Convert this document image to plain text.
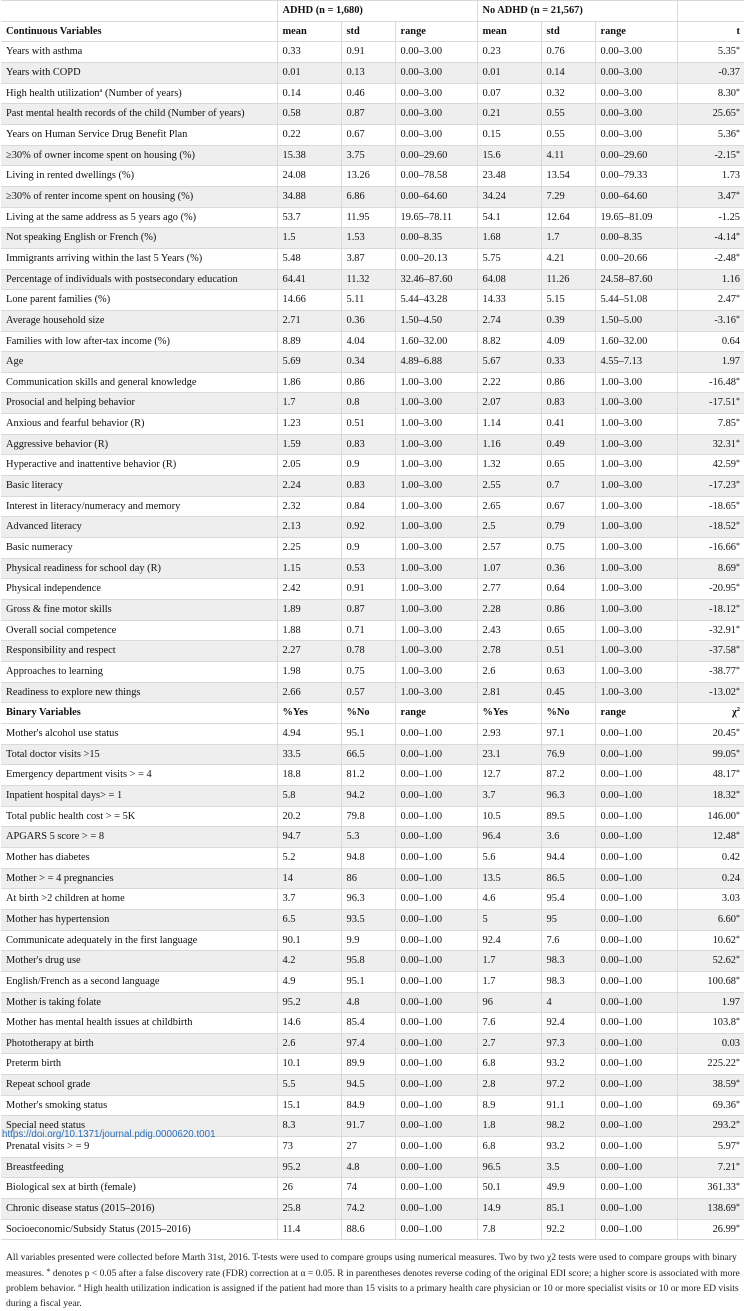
	ADHD (n = 1,680)			No ADHD (n = 21,567)			
Continuous Variables	mean	std	range	mean	std	range	t
Years with asthma	0.33	0.91	0.00–3.00	0.23	0.76	0.00–3.00	5.35*
Years with COPD	0.01	0.13	0.00–3.00	0.01	0.14	0.00–3.00	-0.37
High health utilization$^a$ (Number of years)	0.14	0.46	0.00–3.00	0.07	0.32	0.00–3.00	8.30*
Past mental health records of the child (Number of years)	0.58	0.87	0.00–3.00	0.21	0.55	0.00–3.00	25.65*
Years on Human Service Drug Benefit Plan	0.22	0.67	0.00–3.00	0.15	0.55	0.00–3.00	5.36*
≥30% of owner income spent on housing (%)	15.38	3.75	0.00–29.60	15.6	4.11	0.00–29.60	-2.15*
Living in rented dwellings (%)	24.08	13.26	0.00–78.58	23.48	13.54	0.00–79.33	1.73
≥30% of renter income spent on housing (%)	34.88	6.86	0.00–64.60	34.24	7.29	0.00–64.60	3.47*
Living at the same address as 5 years ago (%)	53.7	11.95	19.65–78.11	54.1	12.64	19.65–81.09	-1.25
Not speaking English or French (%)	1.5	1.53	0.00–8.35	1.68	1.7	0.00–8.35	-4.14*
Immigrants arriving within the last 5 Years (%)	5.48	3.87	0.00–20.13	5.75	4.21	0.00–20.66	-2.48*
Percentage of individuals with postsecondary education	64.41	11.32	32.46–87.60	64.08	11.26	24.58–87.60	1.16
Lone parent families (%)	14.66	5.11	5.44–43.28	14.33	5.15	5.44–51.08	2.47*
Average household size	2.71	0.36	1.50–4.50	2.74	0.39	1.50–5.00	-3.16*
Families with low after-tax income (%)	8.89	4.04	1.60–32.00	8.82	4.09	1.60–32.00	0.64
Age	5.69	0.34	4.89–6.88	5.67	0.33	4.55–7.13	1.97
Communication skills and general knowledge	1.86	0.86	1.00–3.00	2.22	0.86	1.00–3.00	-16.48*
Prosocial and helping behavior	1.7	0.8	1.00–3.00	2.07	0.83	1.00–3.00	-17.51*
Anxious and fearful behavior (R)	1.23	0.51	1.00–3.00	1.14	0.41	1.00–3.00	7.85*
Aggressive behavior (R)	1.59	0.83	1.00–3.00	1.16	0.49	1.00–3.00	32.31*
Hyperactive and inattentive behavior (R)	2.05	0.9	1.00–3.00	1.32	0.65	1.00–3.00	42.59*
Basic literacy	2.24	0.83	1.00–3.00	2.55	0.7	1.00–3.00	-17.23*
Interest in literacy/numeracy and memory	2.32	0.84	1.00–3.00	2.65	0.67	1.00–3.00	-18.65*
Advanced literacy	2.13	0.92	1.00–3.00	2.5	0.79	1.00–3.00	-18.52*
Basic numeracy	2.25	0.9	1.00–3.00	2.57	0.75	1.00–3.00	-16.66*
Physical readiness for school day (R)	1.15	0.53	1.00–3.00	1.07	0.36	1.00–3.00	8.69*
Physical independence	2.42	0.91	1.00–3.00	2.77	0.64	1.00–3.00	-20.95*
Gross & fine motor skills	1.89	0.87	1.00–3.00	2.28	0.86	1.00–3.00	-18.12*
Overall social competence	1.88	0.71	1.00–3.00	2.43	0.65	1.00–3.00	-32.91*
Responsibility and respect	2.27	0.78	1.00–3.00	2.78	0.51	1.00–3.00	-37.58*
Approaches to learning	1.98	0.75	1.00–3.00	2.6	0.63	1.00–3.00	-38.77*
Readiness to explore new things	2.66	0.57	1.00–3.00	2.81	0.45	1.00–3.00	-13.02*
Binary Variables	%Yes	%No	range	%Yes	%No	range	$\chi^2$
Mother's alcohol use status	4.94	95.1	0.00–1.00	2.93	97.1	0.00–1.00	20.45*
Total doctor visits >15	33.5	66.5	0.00–1.00	23.1	76.9	0.00–1.00	99.05*
Emergency department visits > = 4	18.8	81.2	0.00–1.00	12.7	87.2	0.00–1.00	48.17*
Inpatient hospital days> = 1	5.8	94.2	0.00–1.00	3.7	96.3	0.00–1.00	18.32*
Total public health cost > = 5K	20.2	79.8	0.00–1.00	10.5	89.5	0.00–1.00	146.00*
APGARS 5 score > = 8	94.7	5.3	0.00–1.00	96.4	3.6	0.00–1.00	12.48*
Mother has diabetes	5.2	94.8	0.00–1.00	5.6	94.4	0.00–1.00	0.42
Mother > = 4 pregnancies	14	86	0.00–1.00	13.5	86.5	0.00–1.00	0.24
At birth >2 children at home	3.7	96.3	0.00–1.00	4.6	95.4	0.00–1.00	3.03
Mother has hypertension	6.5	93.5	0.00–1.00	5	95	0.00–1.00	6.60*
Communicate adequately in the first language	90.1	9.9	0.00–1.00	92.4	7.6	0.00–1.00	10.62*
Mother's drug use	4.2	95.8	0.00–1.00	1.7	98.3	0.00–1.00	52.62*
English/French as a second language	4.9	95.1	0.00–1.00	1.7	98.3	0.00–1.00	100.68*
Mother is taking folate	95.2	4.8	0.00–1.00	96	4	0.00–1.00	1.97
Mother has mental health issues at childbirth	14.6	85.4	0.00–1.00	7.6	92.4	0.00–1.00	103.8*
Phototherapy at birth	2.6	97.4	0.00–1.00	2.7	97.3	0.00–1.00	0.03
Preterm birth	10.1	89.9	0.00–1.00	6.8	93.2	0.00–1.00	225.22*
Repeat school grade	5.5	94.5	0.00–1.00	2.8	97.2	0.00–1.00	38.59*
Mother's smoking status	15.1	84.9	0.00–1.00	8.9	91.1	0.00–1.00	69.36*
Special need status	8.3	91.7	0.00–1.00	1.8	98.2	0.00–1.00	293.2*
Prenatal visits > = 9	73	27	0.00–1.00	6.8	93.2	0.00–1.00	5.97*
Breastfeeding	95.2	4.8	0.00–1.00	96.5	3.5	0.00–1.00	7.21*
Biological sex at birth (female)	26	74	0.00–1.00	50.1	49.9	0.00–1.00	361.33*
Chronic disease status (2015–2016)	25.8	74.2	0.00–1.00	14.9	85.1	0.00–1.00	138.69*
Socioeconomic/Subsidy Status (2015–2016)	11.4	88.6	0.00–1.00	7.8	92.2	0.00–1.00	26.99*
All variables presented were collected before Marth 31st, 2016. T-tests were used to compare groups using numerical measures. Two by two χ2 tests were used to compare groups with binary measures. * denotes p < 0.05 after a false discovery rate (FDR) correction at α = 0.05. R in parentheses denotes reverse coding of the original EDI score; a higher score is associated with more problem behavior. $^a$ High health utilization indication is assigned if the patient had more than 15 visits to a primary health care physician or 10 or more specialist visits or 10 or more ED visits during a fiscal year.
https://doi.org/10.1371/journal.pdig.0000620.t001
